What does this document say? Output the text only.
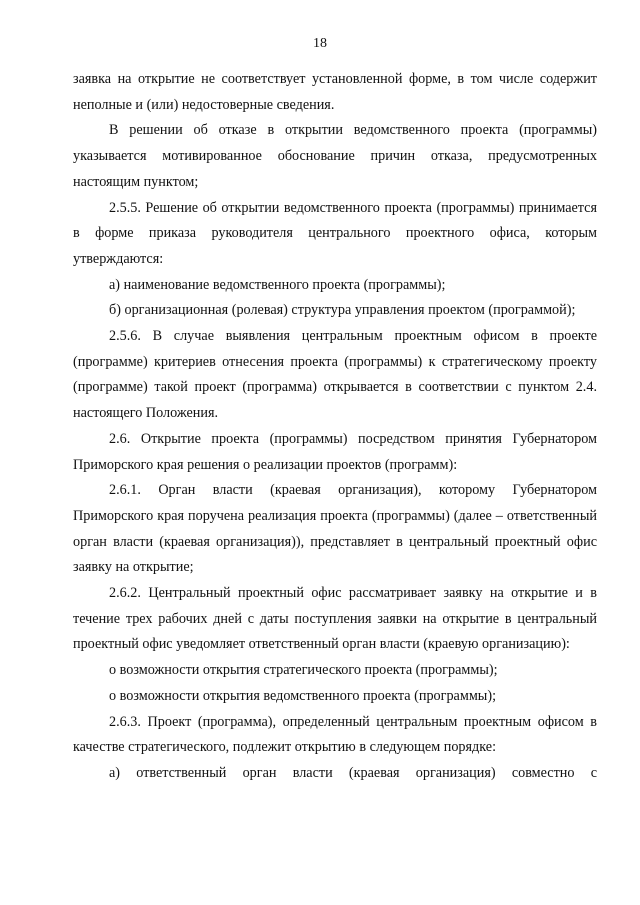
18

заявка на открытие не соответствует установленной форме, в том числе содержит неполные и (или) недостоверные сведения.

В решении об отказе в открытии ведомственного проекта (программы) указывается мотивированное обоснование причин отказа, предусмотренных настоящим пунктом;

2.5.5. Решение об открытии ведомственного проекта (программы) принимается в форме приказа руководителя центрального проектного офиса, которым утверждаются:

а) наименование ведомственного проекта (программы);

б) организационная (ролевая) структура управления проектом (программой);

2.5.6. В случае выявления центральным проектным офисом в проекте (программе) критериев отнесения проекта (программы) к стратегическому проекту (программе) такой проект (программа) открывается в соответствии с пунктом 2.4. настоящего Положения.

2.6. Открытие проекта (программы) посредством принятия Губернатором Приморского края решения о реализации проектов (программ):

2.6.1. Орган власти (краевая организация), которому Губернатором Приморского края поручена реализация проекта (программы) (далее – ответственный орган власти (краевая организация)), представляет в центральный проектный офис заявку на открытие;

2.6.2. Центральный проектный офис рассматривает заявку на открытие и в течение трех рабочих дней с даты поступления заявки на открытие в центральный проектный офис уведомляет ответственный орган власти (краевую организацию):

о возможности открытия стратегического проекта (программы);

о возможности открытия ведомственного проекта (программы);

2.6.3. Проект (программа), определенный центральным проектным офисом в качестве стратегического, подлежит открытию в следующем порядке:

а) ответственный орган власти (краевая организация) совместно с
